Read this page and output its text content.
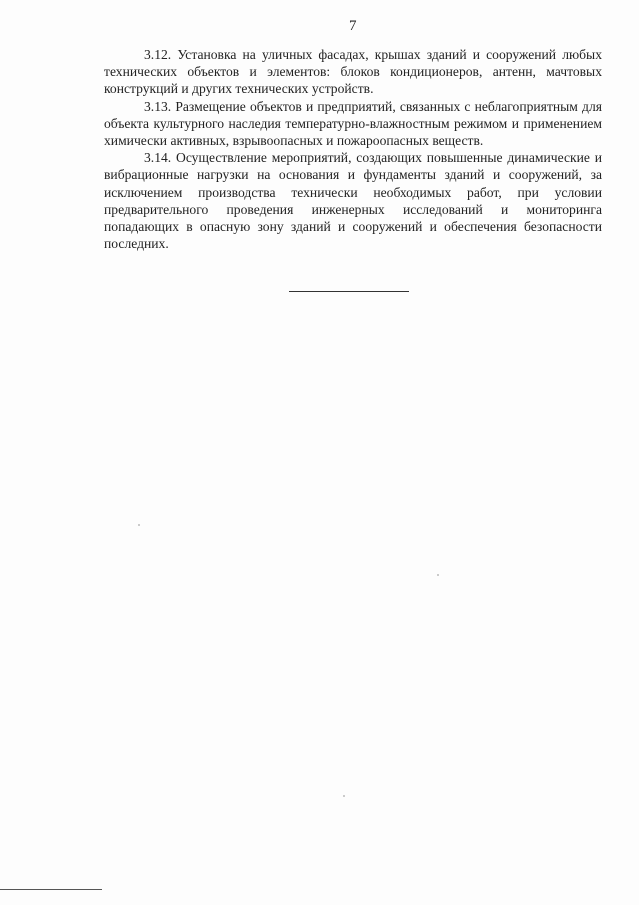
7

3.12. Установка на уличных фасадах, крышах зданий и сооружений любых технических объектов и элементов: блоков кондиционеров, антенн, мачтовых конструкций и других технических устройств.

3.13. Размещение объектов и предприятий, связанных с неблагоприятным для объекта культурного наследия температурно-влажностным режимом и применением химически активных, взрывоопасных и пожароопасных веществ.

3.14. Осуществление мероприятий, создающих повышенные динамические и вибрационные нагрузки на основания и фундаменты зданий и сооружений, за исключением производства технически необходимых работ, при условии предварительного проведения инженерных исследований и мониторинга попадающих в опасную зону зданий и сооружений и обеспечения безопасности последних.
